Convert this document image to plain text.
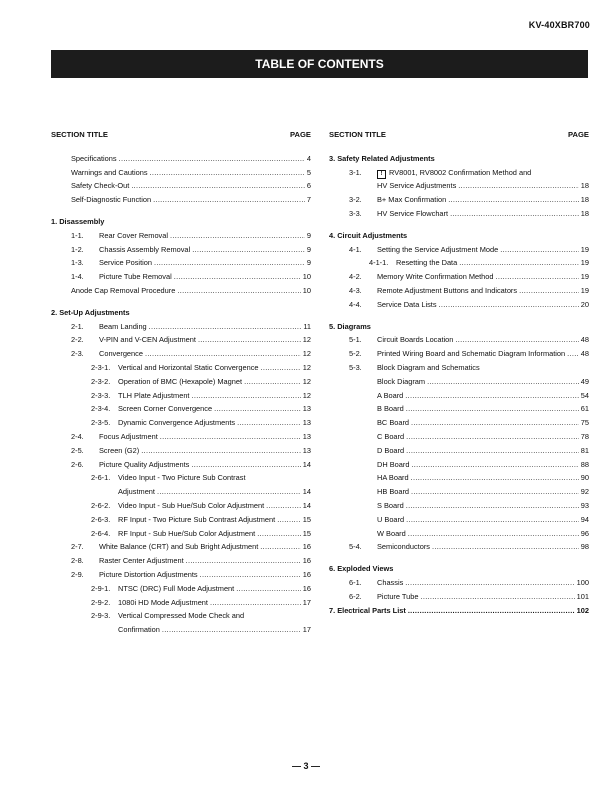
KV-40XBR700
TABLE OF CONTENTS
SECTION TITLE	PAGE
Specifications .....	4
Warnings and Cautions .....	5
Safety Check-Out .....	6
Self-Diagnostic Function .....	7
1. Disassembly
1-1.	Rear Cover Removal .....	9
1-2.	Chassis Assembly Removal .....	9
1-3.	Service Position .....	9
1-4.	Picture Tube Removal .....	10
Anode Cap Removal Procedure .....	10
2. Set-Up Adjustments
2-1.	Beam Landing .....	11
2-2.	V-PIN and V-CEN Adjustment .....	12
2-3.	Convergence .....	12
2-3-1.	Vertical and Horizontal Static Convergence .....	12
2-3-2.	Operation of BMC (Hexapole) Magnet .....	12
2-3-3.	TLH Plate Adjustment .....	12
2-3-4.	Screen Corner Convergence .....	13
2-3-5.	Dynamic Convergence Adjustments .....	13
2-4.	Focus Adjustment .....	13
2-5.	Screen (G2) .....	13
2-6.	Picture Quality Adjustments .....	14
2-6-1.	Video Input - Two Picture Sub Contrast
Adjustment .....	14
2-6-2.	Video Input - Sub Hue/Sub Color Adjustment .....	14
2-6-3.	RF Input - Two Picture Sub Contrast Adjustment .....	15
2-6-4.	RF Input - Sub Hue/Sub Color Adjustment .....	15
2-7.	White Balance (CRT) and Sub Bright Adjustment .....	16
2-8.	Raster Center Adjustment .....	16
2-9.	Picture Distortion Adjustments .....	16
2-9-1.	NTSC (DRC) Full Mode Adjustment .....	16
2-9-2.	1080i HD Mode Adjustment .....	17
2-9-3.	Vertical Compressed Mode Check and
Confirmation .....	17
SECTION TITLE	PAGE
3. Safety Related Adjustments
3-1.	! RV8001, RV8002 Confirmation Method and
HV Service Adjustments .....	18
3-2.	B+ Max Confirmation .....	18
3-3.	HV Service Flowchart .....	18
4. Circuit Adjustments
4-1.	Setting the Service Adjustment Mode .....	19
4-1-1.	Resetting the Data .....	19
4-2.	Memory Write Confirmation Method .....	19
4-3.	Remote Adjustment Buttons and Indicators .....	19
4-4.	Service Data Lists .....	20
5. Diagrams
5-1.	Circuit Boards Location .....	48
5-2.	Printed Wiring Board and Schematic Diagram Information ..... 48
5-3.	Block Diagram and Schematics
Block Diagram .....	49
A Board .....	54
B Board .....	61
BC Board .....	75
C Board .....	78
D Board .....	81
DH Board .....	88
HA Board .....	90
HB Board .....	92
S Board .....	93
U Board .....	94
W Board .....	96
5-4.	Semiconductors .....	98
6. Exploded Views
6-1.	Chassis .....	100
6-2.	Picture Tube .....	101
7. Electrical Parts List .....	102
— 3 —
